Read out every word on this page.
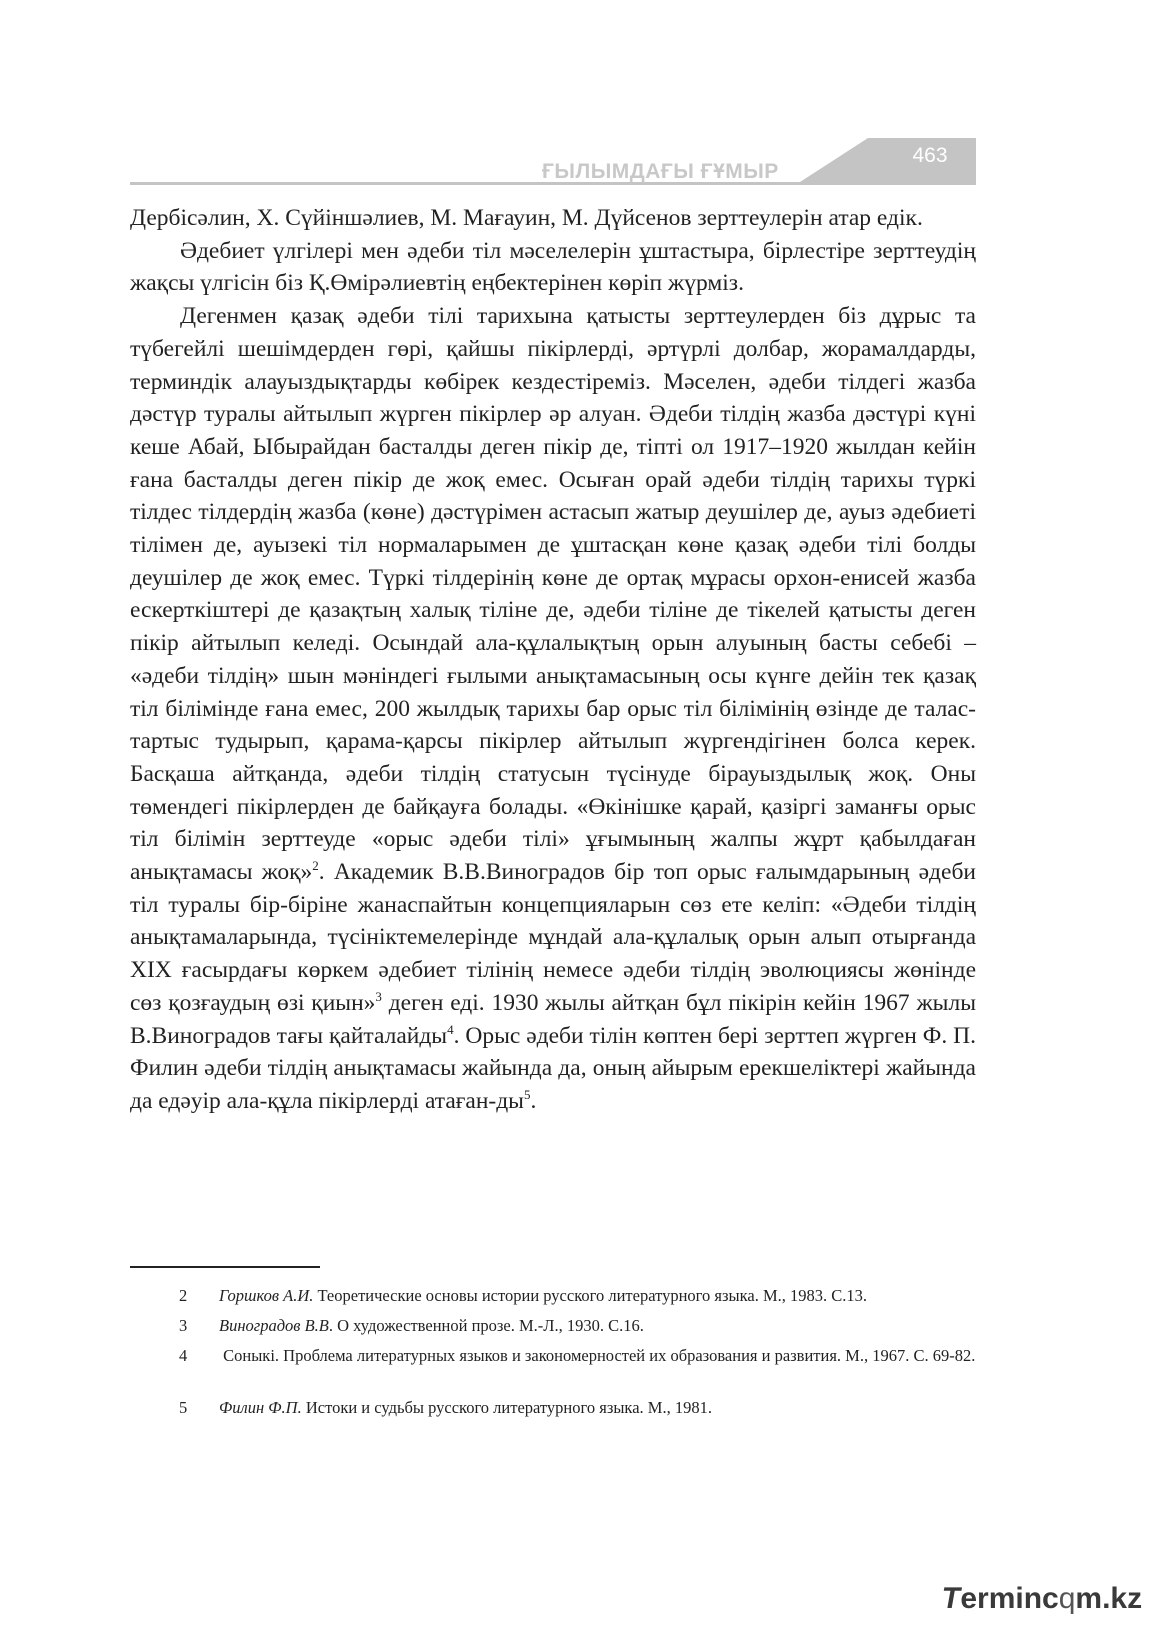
ҒЫЛЫМДАҒЫ ҒҰМЫР
463

Дербісәлин, Х. Сүйіншәлиев, М. Мағауин, М. Дүйсенов зерттеулерін атар едік.

Әдебиет үлгілері мен әдеби тіл мәселелерін ұштастыра, бірлестіре зерттеудің жақсы үлгісін біз Қ.Өмірәлиевтің еңбектерінен көріп жүрміз.

Дегенмен қазақ әдеби тілі тарихына қатысты зерттеулерден біз дұрыс та түбегейлі шешімдерден гөрі, қайшы пікірлерді, әртүрлі долбар, жорамалдарды, терминдік алауыздықтарды көбірек кездестіреміз. Мәселен, әдеби тілдегі жазба дәстүр туралы айтылып жүрген пікірлер әр алуан. Әдеби тілдің жазба дәстүрі күні кеше Абай, Ыбырайдан басталды деген пікір де, тіпті ол 1917–1920 жылдан кейін ғана басталды деген пікір де жоқ емес. Осыған орай әдеби тілдің тарихы түркі тілдес тілдердің жазба (көне) дәстүрімен астасып жатыр деушілер де, ауыз әдебиеті тілімен де, ауызекі тіл нормаларымен де ұштасқан көне қазақ әдеби тілі болды деушілер де жоқ емес. Түркі тілдерінің көне де ортақ мұрасы орхон-енисей жазба ескерткіштері де қазақтың халық тіліне де, әдеби тіліне де тікелей қатысты деген пікір айтылып келеді. Осындай ала-құлалықтың орын алуының басты себебі – «әдеби тілдің» шын мәніндегі ғылыми анықтамасының осы күнге дейін тек қазақ тіл білімінде ғана емес, 200 жылдық тарихы бар орыс тіл білімінің өзінде де талас-тартыс тудырып, қарама-қарсы пікірлер айтылып жүргендігінен болса керек. Басқаша айтқанда, әдеби тілдің статусын түсінуде бірауыздылық жоқ. Оны төмендегі пікірлерден де байқауға болады. «Өкінішке қарай, қазіргі заманғы орыс тіл білімін зерттеуде «орыс әдеби тілі» ұғымының жалпы жұрт қабылдаған анықтамасы жоқ»$^2$. Академик В.В.Виноградов бір топ орыс ғалымдарының әдеби тіл туралы бір-біріне жанаспайтын концепцияларын сөз ете келіп: «Әдеби тілдің анықтамаларында, түсініктемелерінде мұндай ала-құлалық орын алып отырғанда XIX ғасырдағы көркем әдебиет тілінің немесе әдеби тілдің эволюциясы жөнінде сөз қозғаудың өзі қиын»$^3$ деген еді. 1930 жылы айтқан бұл пікірін кейін 1967 жылы В.Виноградов тағы қайталайды$^4$. Орыс әдеби тілін көптен бері зерттеп жүрген Ф. П. Филин әдеби тілдің анықтамасы жайында да, оның айырым ерекшеліктері жайында да едәуір ала-құла пікірлерді атаған-$ды^5$.

2 Горшков А.И. Теоретические основы истории русского литературного языка. М., 1983. С.13.

3 Виноградов В.В. О художественной прозе. М.-Л., 1930. С.16.

4 Соныкі. Проблема литературных языков и закономерностей их образования и развития. М., 1967. С. 69-82.

5 Филин Ф.П. Истоки и судьбы русского литературного языка. М., 1981.

Termincqm.kz
